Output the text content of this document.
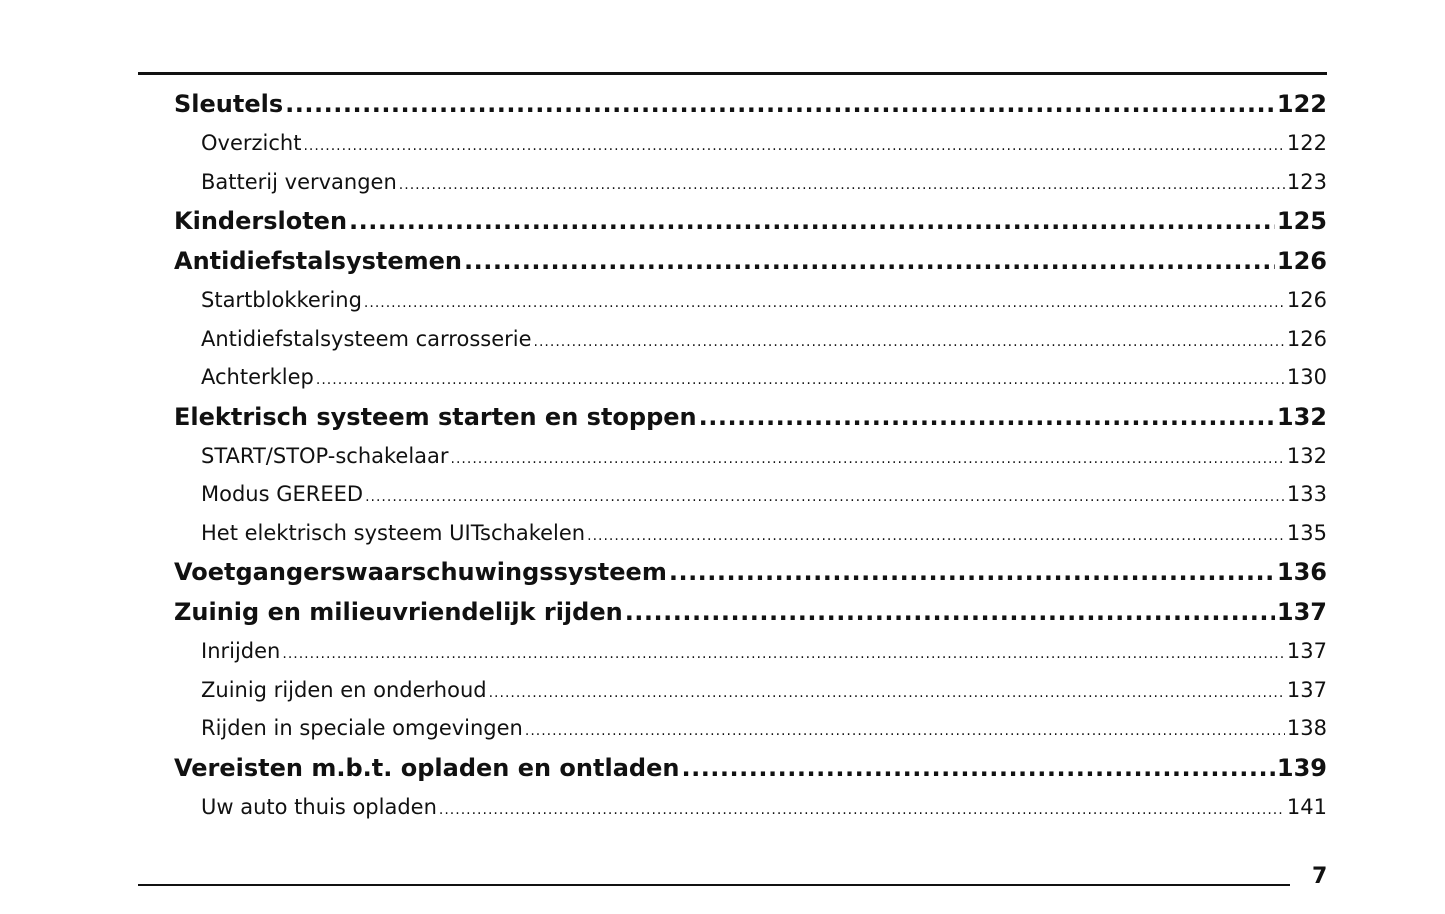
Sleutels .....	122
Overzicht .....	122
Batterij vervangen .....	123
Kindersloten .....	125
Antidiefstalsystemen .....	126
Startblokkering .....	126
Antidiefstalsysteem carrosserie .....	126
Achterklep .....	130
Elektrisch systeem starten en stoppen .....	132
START/STOP-schakelaar .....	132
Modus GEREED .....	133
Het elektrisch systeem UITschakelen .....	135
Voetgangerswaarschuwingssysteem .....	136
Zuinig en milieuvriendelijk rijden .....	137
Inrijden .....	137
Zuinig rijden en onderhoud .....	137
Rijden in speciale omgevingen .....	138
Vereisten m.b.t. opladen en ontladen .....	139
Uw auto thuis opladen .....	141
7
